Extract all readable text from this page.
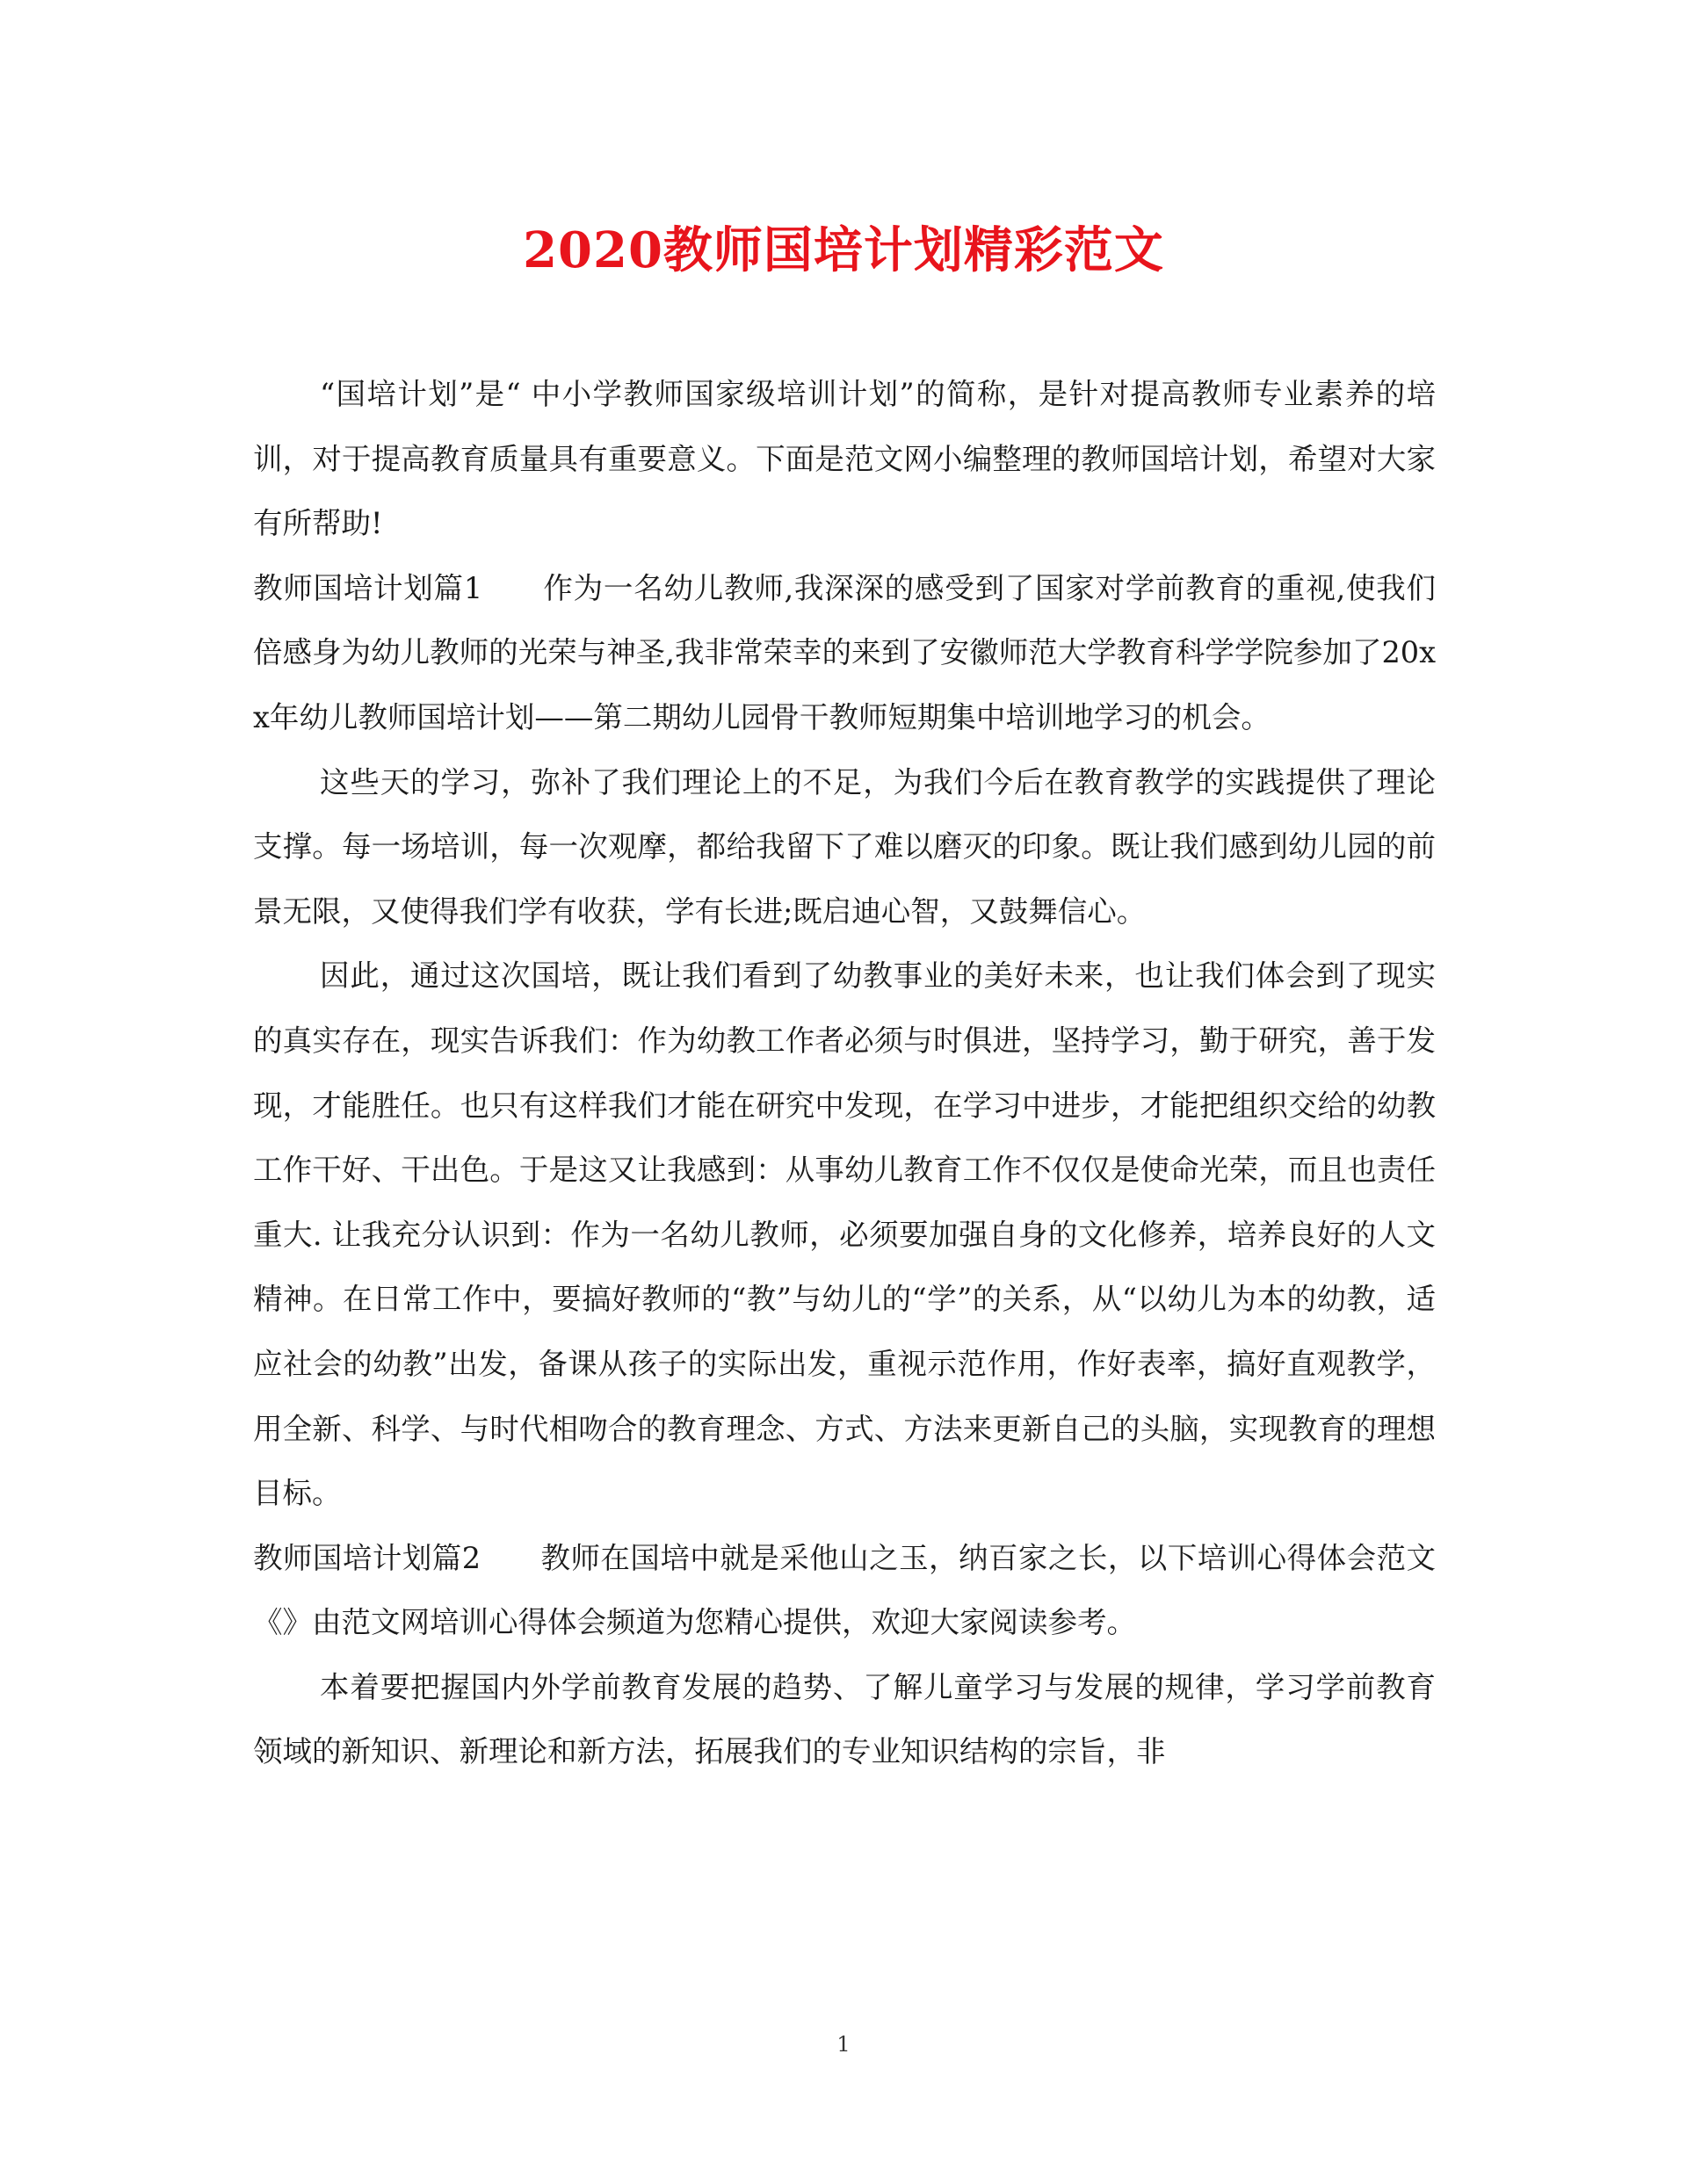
2020教师国培计划精彩范文

“国培计划”是“ 中小学教师国家级培训计划”的简称，是针对提高教师专业素养的培训，对于提高教育质量具有重要意义。下面是范文网小编整理的教师国培计划，希望对大家有所帮助!

教师国培计划篇1　　作为一名幼儿教师,我深深的感受到了国家对学前教育的重视,使我们倍感身为幼儿教师的光荣与神圣,我非常荣幸的来到了安徽师范大学教育科学学院参加了20xx年幼儿教师国培计划——第二期幼儿园骨干教师短期集中培训地学习的机会。

这些天的学习，弥补了我们理论上的不足，为我们今后在教育教学的实践提供了理论支撑。每一场培训，每一次观摩，都给我留下了难以磨灭的印象。既让我们感到幼儿园的前景无限，又使得我们学有收获，学有长进;既启迪心智，又鼓舞信心。

因此，通过这次国培，既让我们看到了幼教事业的美好未来，也让我们体会到了现实的真实存在，现实告诉我们：作为幼教工作者必须与时俱进，坚持学习，勤于研究，善于发现，才能胜任。也只有这样我们才能在研究中发现，在学习中进步，才能把组织交给的幼教工作干好、干出色。于是这又让我感到：从事幼儿教育工作不仅仅是使命光荣，而且也责任重大. 让我充分认识到：作为一名幼儿教师，必须要加强自身的文化修养，培养良好的人文精神。在日常工作中，要搞好教师的“教”与幼儿的“学”的关系，从“以幼儿为本的幼教，适应社会的幼教”出发，备课从孩子的实际出发，重视示范作用，作好表率，搞好直观教学，用全新、科学、与时代相吻合的教育理念、方式、方法来更新自己的头脑，实现教育的理想目标。

教师国培计划篇2　　教师在国培中就是采他山之玉，纳百家之长，以下培训心得体会范文《》由范文网培训心得体会频道为您精心提供，欢迎大家阅读参考。

本着要把握国内外学前教育发展的趋势、了解儿童学习与发展的规律，学习学前教育领域的新知识、新理论和新方法，拓展我们的专业知识结构的宗旨，非

1
